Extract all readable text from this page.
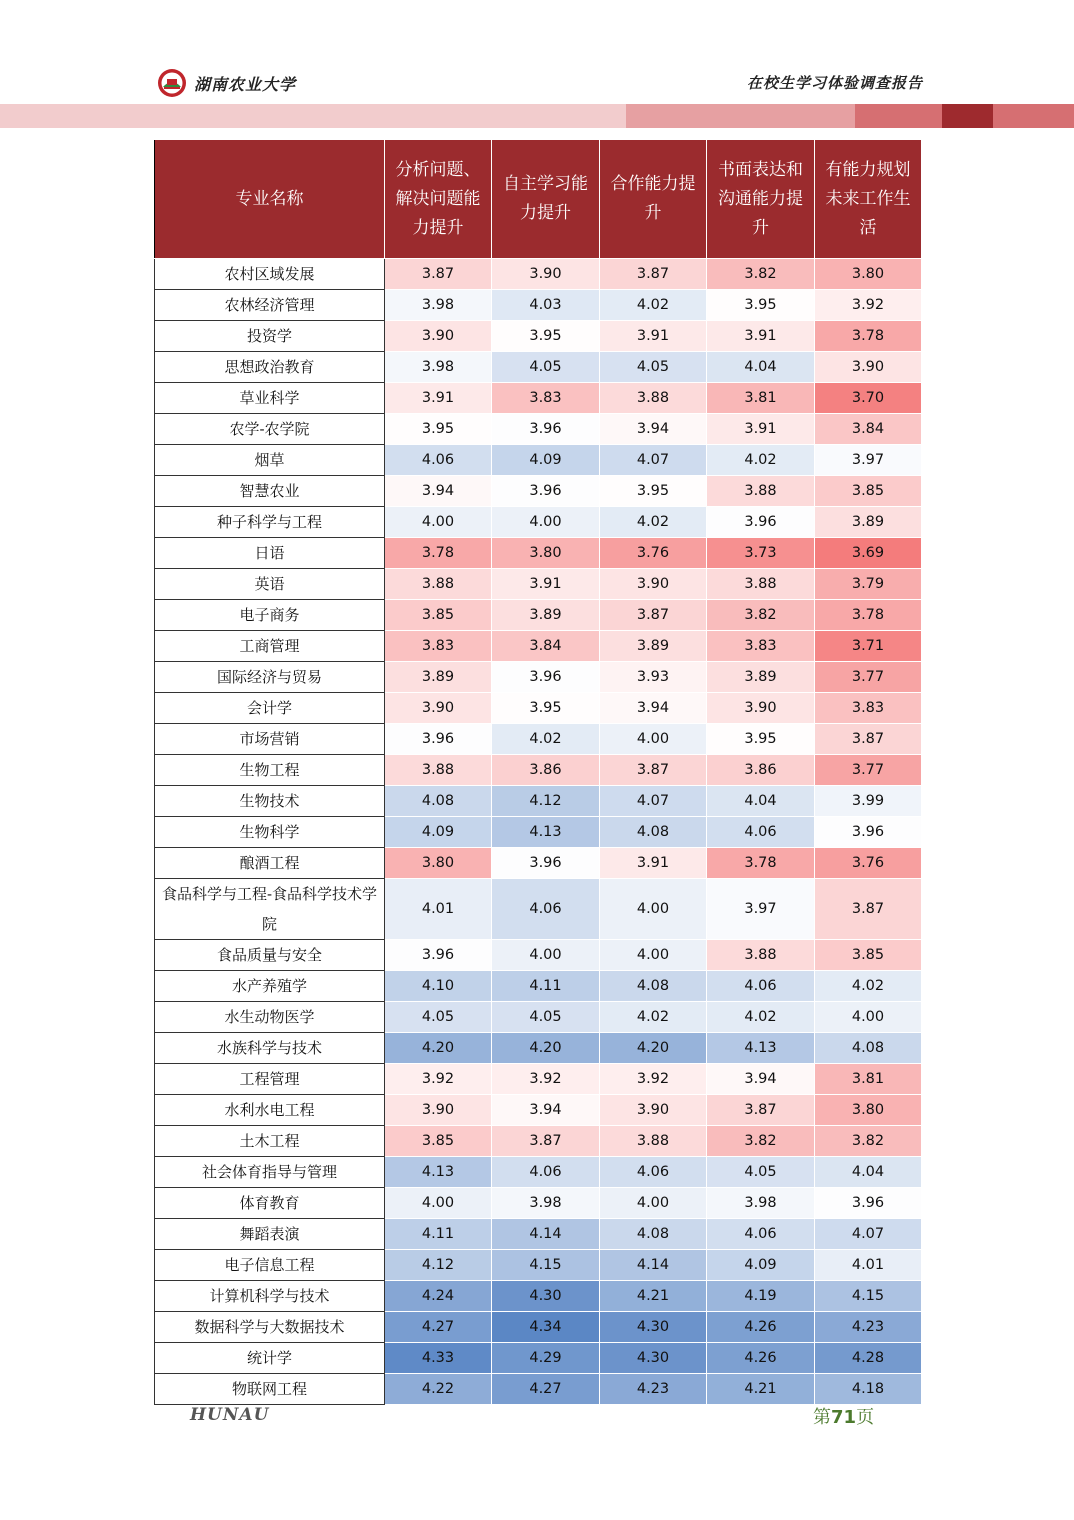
湖南农业大学	在校生学习体验调查报告
专业名称	分析问题、解决问题能力提升	自主学习能力提升	合作能力提升	书面表达和沟通能力提升	有能力规划未来工作生活
农村区域发展	3.87	3.90	3.87	3.82	3.80
农林经济管理	3.98	4.03	4.02	3.95	3.92
投资学	3.90	3.95	3.91	3.91	3.78
思想政治教育	3.98	4.05	4.05	4.04	3.90
草业科学	3.91	3.83	3.88	3.81	3.70
农学-农学院	3.95	3.96	3.94	3.91	3.84
烟草	4.06	4.09	4.07	4.02	3.97
智慧农业	3.94	3.96	3.95	3.88	3.85
种子科学与工程	4.00	4.00	4.02	3.96	3.89
日语	3.78	3.80	3.76	3.73	3.69
英语	3.88	3.91	3.90	3.88	3.79
电子商务	3.85	3.89	3.87	3.82	3.78
工商管理	3.83	3.84	3.89	3.83	3.71
国际经济与贸易	3.89	3.96	3.93	3.89	3.77
会计学	3.90	3.95	3.94	3.90	3.83
市场营销	3.96	4.02	4.00	3.95	3.87
生物工程	3.88	3.86	3.87	3.86	3.77
生物技术	4.08	4.12	4.07	4.04	3.99
生物科学	4.09	4.13	4.08	4.06	3.96
酿酒工程	3.80	3.96	3.91	3.78	3.76
食品科学与工程-食品科学技术学院	4.01	4.06	4.00	3.97	3.87
食品质量与安全	3.96	4.00	4.00	3.88	3.85
水产养殖学	4.10	4.11	4.08	4.06	4.02
水生动物医学	4.05	4.05	4.02	4.02	4.00
水族科学与技术	4.20	4.20	4.20	4.13	4.08
工程管理	3.92	3.92	3.92	3.94	3.81
水利水电工程	3.90	3.94	3.90	3.87	3.80
土木工程	3.85	3.87	3.88	3.82	3.82
社会体育指导与管理	4.13	4.06	4.06	4.05	4.04
体育教育	4.00	3.98	4.00	3.98	3.96
舞蹈表演	4.11	4.14	4.08	4.06	4.07
电子信息工程	4.12	4.15	4.14	4.09	4.01
计算机科学与技术	4.24	4.30	4.21	4.19	4.15
数据科学与大数据技术	4.27	4.34	4.30	4.26	4.23
统计学	4.33	4.29	4.30	4.26	4.28
物联网工程	4.22	4.27	4.23	4.21	4.18
HUNAU	第71页
